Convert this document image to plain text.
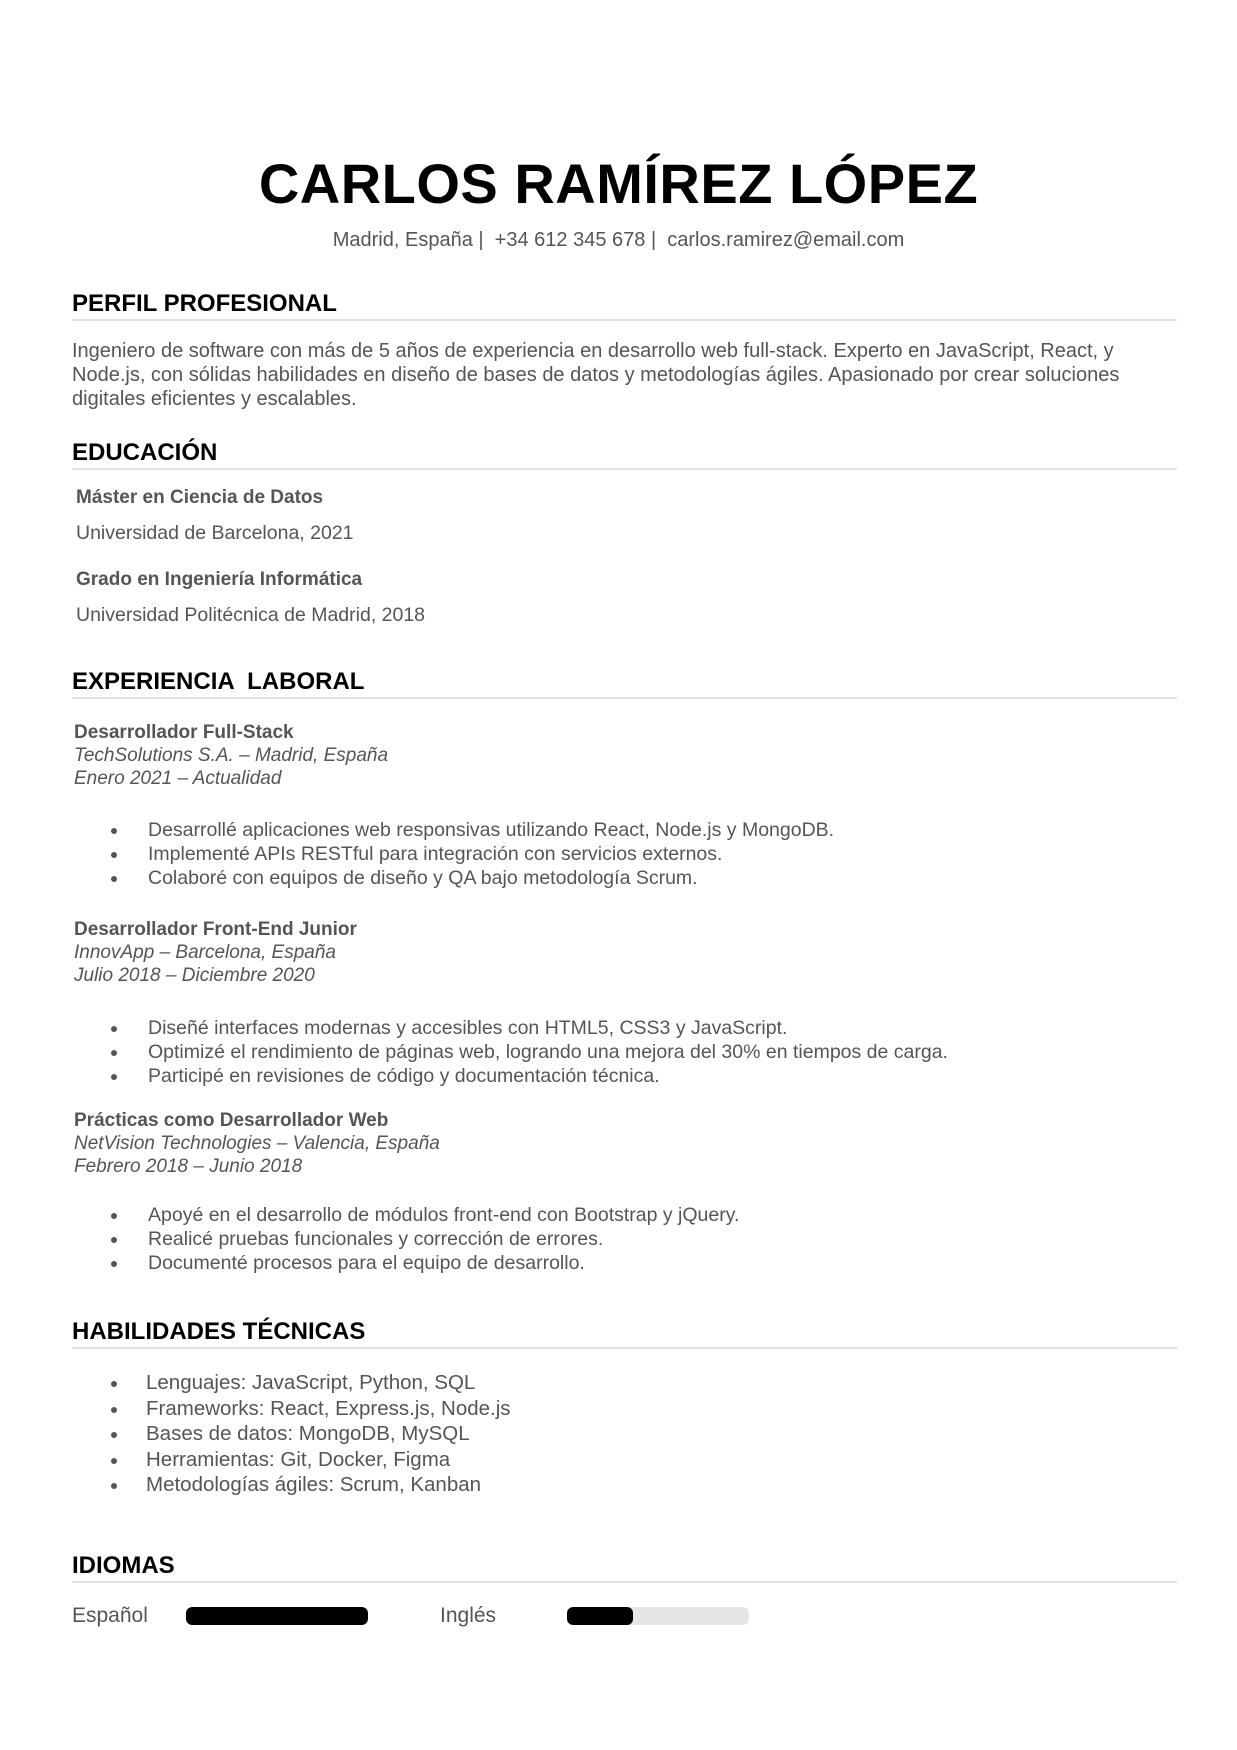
CARLOS RAMÍREZ LÓPEZ
Madrid, España |  +34 612 345 678 |  carlos.ramirez@email.com
PERFIL PROFESIONAL
Ingeniero de software con más de 5 años de experiencia en desarrollo web full-stack. Experto en JavaScript, React, y Node.js, con sólidas habilidades en diseño de bases de datos y metodologías ágiles. Apasionado por crear soluciones digitales eficientes y escalables.
EDUCACIÓN
Máster en Ciencia de Datos
Universidad de Barcelona, 2021
Grado en Ingeniería Informática
Universidad Politécnica de Madrid, 2018
EXPERIENCIA  LABORAL
Desarrollador Full-Stack
TechSolutions S.A. – Madrid, España
Enero 2021 – Actualidad
Desarrollé aplicaciones web responsivas utilizando React, Node.js y MongoDB.
Implementé APIs RESTful para integración con servicios externos.
Colaboré con equipos de diseño y QA bajo metodología Scrum.
Desarrollador Front-End Junior
InnovApp – Barcelona, España
Julio 2018 – Diciembre 2020
Diseñé interfaces modernas y accesibles con HTML5, CSS3 y JavaScript.
Optimizé el rendimiento de páginas web, logrando una mejora del 30% en tiempos de carga.
Participé en revisiones de código y documentación técnica.
Prácticas como Desarrollador Web
NetVision Technologies – Valencia, España
Febrero 2018 – Junio 2018
Apoyé en el desarrollo de módulos front-end con Bootstrap y jQuery.
Realicé pruebas funcionales y corrección de errores.
Documenté procesos para el equipo de desarrollo.
HABILIDADES TÉCNICAS
Lenguajes: JavaScript, Python, SQL
Frameworks: React, Express.js, Node.js
Bases de datos: MongoDB, MySQL
Herramientas: Git, Docker, Figma
Metodologías ágiles: Scrum, Kanban
IDIOMAS
Español	Inglés
